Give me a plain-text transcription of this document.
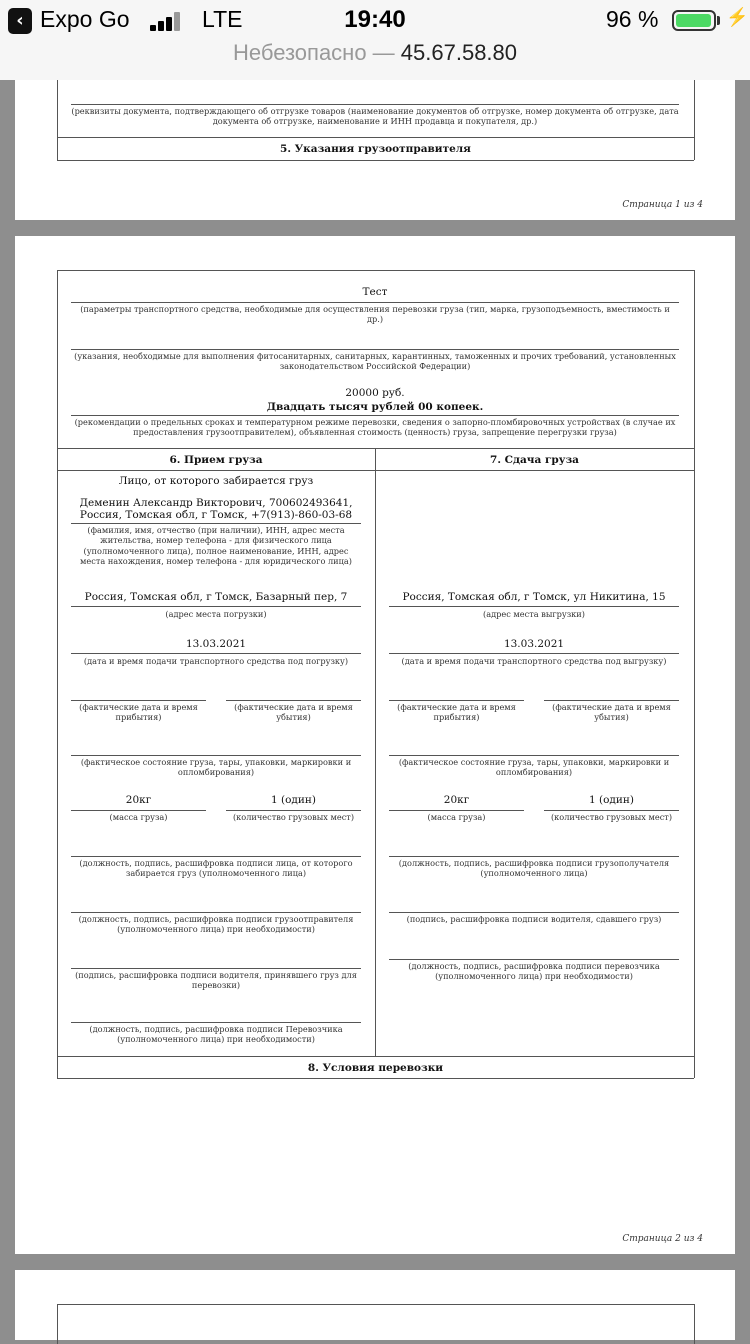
‹ Expo Go	LTE	19:40	96 %	⚡
Небезопасно — 45.67.58.80
(реквизиты документа, подтверждающего об отгрузке товаров (наименование документов об отгрузке, номер документа об отгрузке, дата документа об отгрузке, наименование и ИНН продавца и покупателя, др.)
5. Указания грузоотправителя
Страница 1 из 4
Тест
(параметры транспортного средства, необходимые для осуществления перевозки груза (тип, марка, грузоподъемность, вместимость и др.)
(указания, необходимые для выполнения фитосанитарных, санитарных, карантинных, таможенных и прочих требований, установленных законодательством Российской Федерации)
20000 руб.
Двадцать тысяч рублей 00 копеек.
(рекомендации о предельных сроках и температурном режиме перевозки, сведения о запорно-пломбировочных устройствах (в случае их предоставления грузоотправителем), объявленная стоимость (ценность) груза, запрещение перегрузки груза)
6. Прием груза	7. Сдача груза
Лицо, от которого забирается груз
Деменин Александр Викторович, 700602493641,
Россия, Томская обл, г Томск, +7(913)-860-03-68
(фамилия, имя, отчество (при наличии), ИНН, адрес места жительства, номер телефона - для физического лица (уполномоченного лица), полное наименование, ИНН, адрес места нахождения, номер телефона - для юридического лица)
Россия, Томская обл, г Томск, Базарный пер, 7
(адрес места погрузки)
13.03.2021
(дата и время подачи транспортного средства под погрузку)
(фактические дата и время прибытия)
(фактические дата и время убытия)
(фактическое состояние груза, тары, упаковки, маркировки и опломбирования)
20кг	1 (один)
(масса груза)	(количество грузовых мест)
(должность, подпись, расшифровка подписи лица, от которого забирается груз (уполномоченного лица)
(должность, подпись, расшифровка подписи грузоотправителя (уполномоченного лица) при необходимости)
(подпись, расшифровка подписи водителя, принявшего груз для перевозки)
(должность, подпись, расшифровка подписи Перевозчика (уполномоченного лица) при необходимости)
Россия, Томская обл, г Томск, ул Никитина, 15
(адрес места выгрузки)
13.03.2021
(дата и время подачи транспортного средства под выгрузку)
(фактические дата и время прибытия)
(фактические дата и время убытия)
(фактическое состояние груза, тары, упаковки, маркировки и опломбирования)
20кг	1 (один)
(масса груза)	(количество грузовых мест)
(должность, подпись, расшифровка подписи грузополучателя (уполномоченного лица)
(подпись, расшифровка подписи водителя, сдавшего груз)
(должность, подпись, расшифровка подписи перевозчика (уполномоченного лица) при необходимости)
8. Условия перевозки
Страница 2 из 4
